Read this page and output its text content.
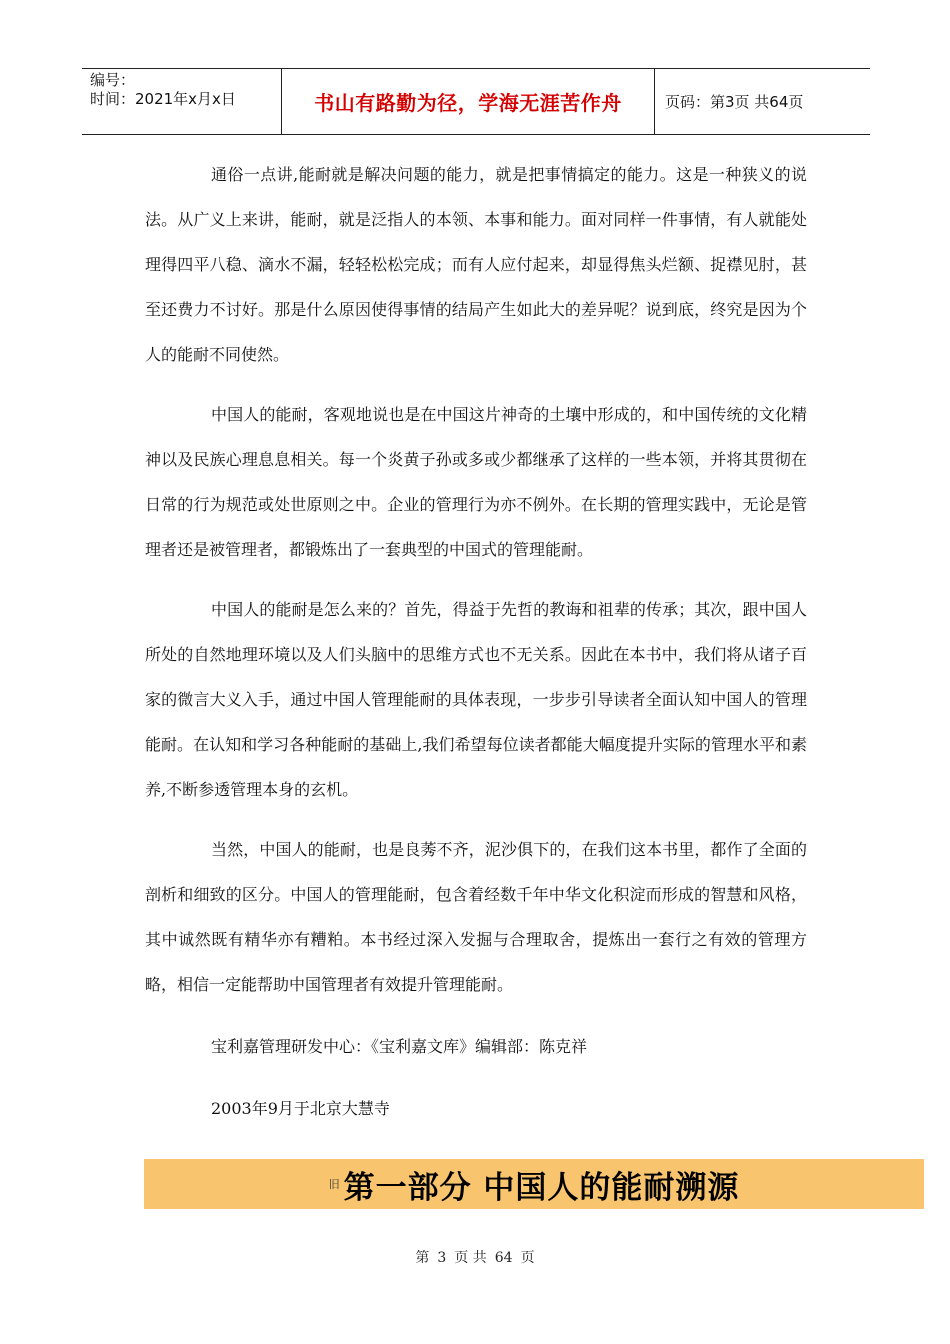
编号：
时间：2021年x月x日	书山有路勤为径，学海无涯苦作舟	页码：第3页 共64页

通俗一点讲,能耐就是解决问题的能力，就是把事情搞定的能力。这是一种狭义的说法。从广义上来讲，能耐，就是泛指人的本领、本事和能力。面对同样一件事情，有人就能处理得四平八稳、滴水不漏，轻轻松松完成；而有人应付起来，却显得焦头烂额、捉襟见肘，甚至还费力不讨好。那是什么原因使得事情的结局产生如此大的差异呢？说到底，终究是因为个人的能耐不同使然。

中国人的能耐，客观地说也是在中国这片神奇的土壤中形成的，和中国传统的文化精神以及民族心理息息相关。每一个炎黄子孙或多或少都继承了这样的一些本领，并将其贯彻在日常的行为规范或处世原则之中。企业的管理行为亦不例外。在长期的管理实践中，无论是管理者还是被管理者，都锻炼出了一套典型的中国式的管理能耐。

中国人的能耐是怎么来的？首先，得益于先哲的教诲和祖辈的传承；其次，跟中国人所处的自然地理环境以及人们头脑中的思维方式也不无关系。因此在本书中，我们将从诸子百家的微言大义入手，通过中国人管理能耐的具体表现，一步步引导读者全面认知中国人的管理能耐。在认知和学习各种能耐的基础上,我们希望每位读者都能大幅度提升实际的管理水平和素养,不断参透管理本身的玄机。

当然，中国人的能耐，也是良莠不齐，泥沙俱下的，在我们这本书里，都作了全面的剖析和细致的区分。中国人的管理能耐，包含着经数千年中华文化积淀而形成的智慧和风格，其中诚然既有精华亦有糟粕。本书经过深入发掘与合理取舍，提炼出一套行之有效的管理方略，相信一定能帮助中国管理者有效提升管理能耐。

宝利嘉管理研发中心：《宝利嘉文库》编辑部：陈克祥

2003年9月于北京大慧寺

旧 第一部分 中国人的能耐溯源
第 3 页 共 64 页
